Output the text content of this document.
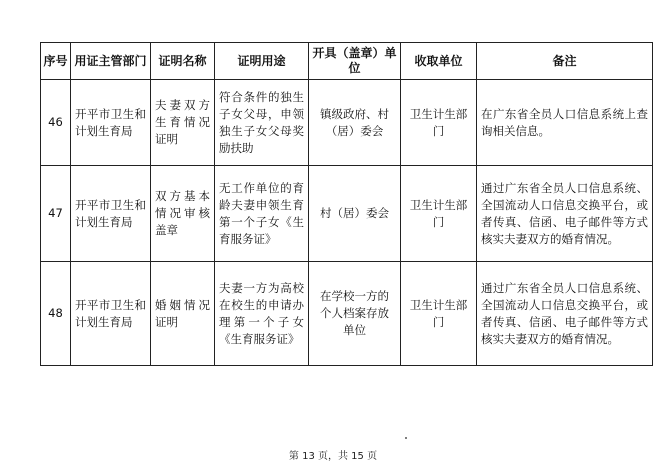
序号	用证主管部门	证明名称	证明用途	开具（盖章）单位	收取单位	备注
46	开平市卫生和计划生育局	夫妻双方生育情况证明	符合条件的独生子女父母，申领独生子女父母奖励扶助	镇级政府、村（居）委会	卫生计生部门	在广东省全员人口信息系统上查询相关信息。
47	开平市卫生和计划生育局	双方基本情况审核盖章	无工作单位的育龄夫妻申领生育第一个子女《生育服务证》	村（居）委会	卫生计生部门	通过广东省全员人口信息系统、全国流动人口信息交换平台，或者传真、信函、电子邮件等方式核实夫妻双方的婚育情况。
48	开平市卫生和计划生育局	婚姻情况证明	夫妻一方为高校在校生的申请办理第一个子女《生育服务证》	在学校一方的个人档案存放单位	卫生计生部门	通过广东省全员人口信息系统、全国流动人口信息交换平台，或者传真、信函、电子邮件等方式核实夫妻双方的婚育情况。
第 13 页，共 15 页
